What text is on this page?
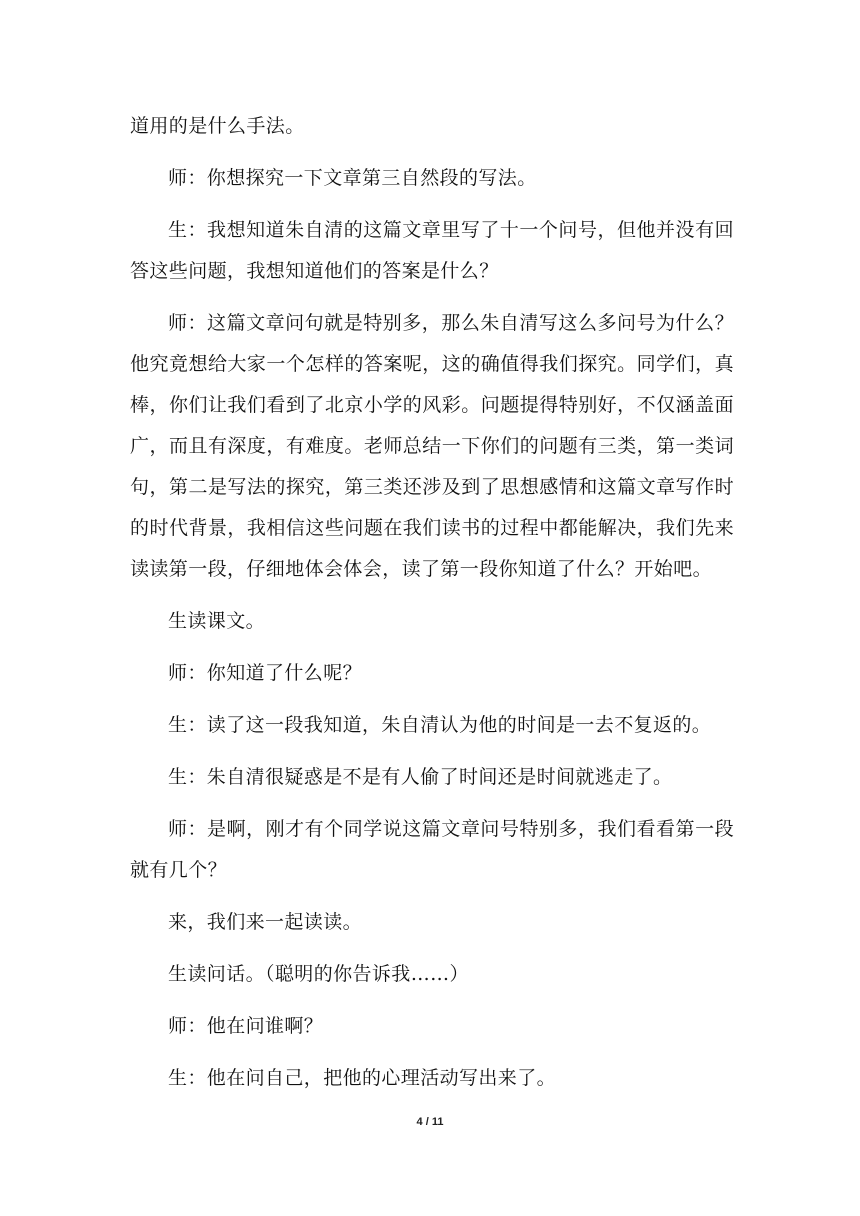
道用的是什么手法。

师：你想探究一下文章第三自然段的写法。

生：我想知道朱自清的这篇文章里写了十一个问号，但他并没有回答这些问题，我想知道他们的答案是什么？

师：这篇文章问句就是特别多，那么朱自清写这么多问号为什么？他究竟想给大家一个怎样的答案呢，这的确值得我们探究。同学们，真棒，你们让我们看到了北京小学的风彩。问题提得特别好，不仅涵盖面广，而且有深度，有难度。老师总结一下你们的问题有三类，第一类词句，第二是写法的探究，第三类还涉及到了思想感情和这篇文章写作时的时代背景，我相信这些问题在我们读书的过程中都能解决，我们先来读读第一段，仔细地体会体会，读了第一段你知道了什么？开始吧。

生读课文。

师：你知道了什么呢？

生：读了这一段我知道，朱自清认为他的时间是一去不复返的。

生：朱自清很疑惑是不是有人偷了时间还是时间就逃走了。

师：是啊，刚才有个同学说这篇文章问号特别多，我们看看第一段就有几个？

来，我们来一起读读。

生读问话。（聪明的你告诉我……）

师：他在问谁啊？

生：他在问自己，把他的心理活动写出来了。

4 / 11
